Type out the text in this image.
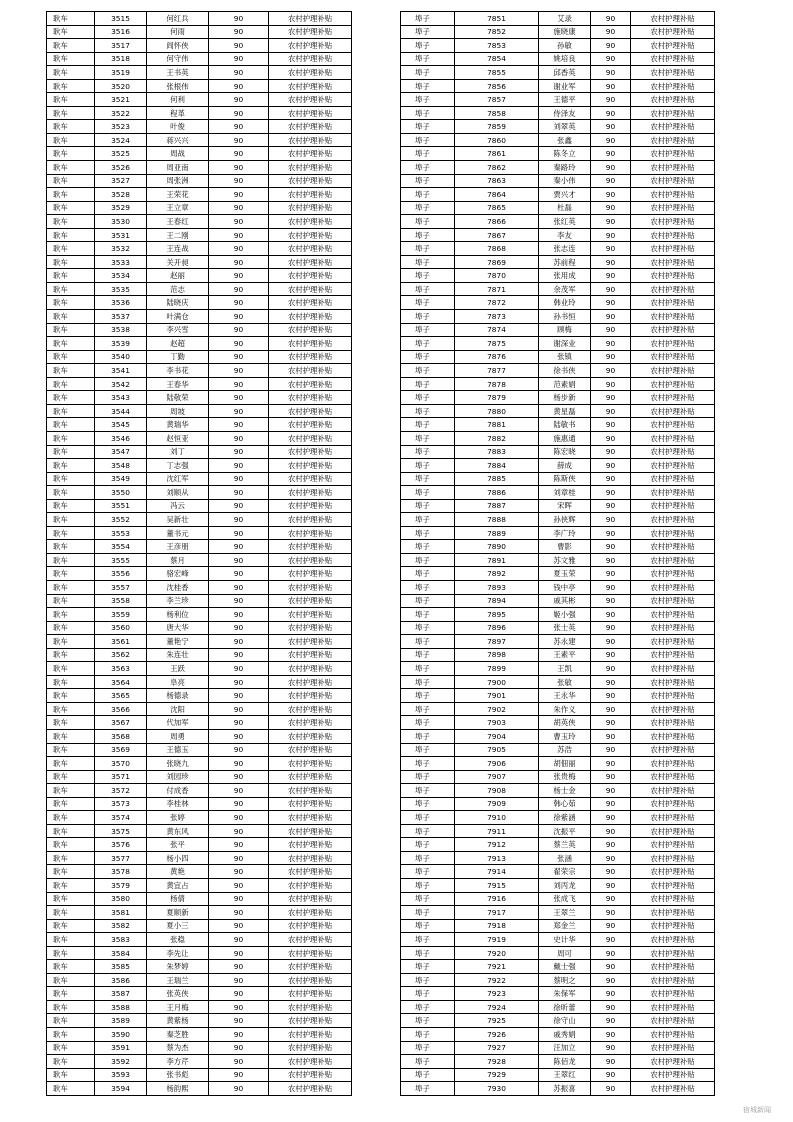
耿车	3515	何红兵	90	农村护理补贴
耿车	3516	何雨	90	农村护理补贴
耿车	3517	闾怀侠	90	农村护理补贴
耿车	3518	何守伟	90	农村护理补贴
耿车	3519	王书英	90	农村护理补贴
耿车	3520	张根伟	90	农村护理补贴
耿车	3521	何利	90	农村护理补贴
耿车	3522	程革	90	农村护理补贴
耿车	3523	叶俊	90	农村护理补贴
耿车	3524	蒋兴兴	90	农村护理补贴
耿车	3525	周战	90	农村护理补贴
耿车	3526	周亚南	90	农村护理补贴
耿车	3527	周张洲	90	农村护理补贴
耿车	3528	王荣花	90	农村护理补贴
耿车	3529	王立章	90	农村护理补贴
耿车	3530	王春红	90	农村护理补贴
耿车	3531	王二刚	90	农村护理补贴
耿车	3532	王连战	90	农村护理补贴
耿车	3533	关开昶	90	农村护理补贴
耿车	3534	赵丽	90	农村护理补贴
耿车	3535	范志	90	农村护理补贴
耿车	3536	陆晓庆	90	农村护理补贴
耿车	3537	叶满仓	90	农村护理补贴
耿车	3538	李兴雪	90	农村护理补贴
耿车	3539	赵超	90	农村护理补贴
耿车	3540	丁勤	90	农村护理补贴
耿车	3541	李书花	90	农村护理补贴
耿车	3542	王春华	90	农村护理补贴
耿车	3543	陆敬荣	90	农村护理补贴
耿车	3544	周坡	90	农村护理补贴
耿车	3545	黄瑞华	90	农村护理补贴
耿车	3546	赵恒亚	90	农村护理补贴
耿车	3547	刘丁	90	农村护理补贴
耿车	3548	丁志强	90	农村护理补贴
耿车	3549	沈红军	90	农村护理补贴
耿车	3550	刘顺从	90	农村护理补贴
耿车	3551	冯云	90	农村护理补贴
耿车	3552	吴新壮	90	农村护理补贴
耿车	3553	董书元	90	农村护理补贴
耿车	3554	王彦朋	90	农村护理补贴
耿车	3555	蔡月	90	农村护理补贴
耿车	3556	骆宏峰	90	农村护理补贴
耿车	3557	沈桂香	90	农村护理补贴
耿车	3558	李兰珍	90	农村护理补贴
耿车	3559	杨利位	90	农村护理补贴
耿车	3560	唐大华	90	农村护理补贴
耿车	3561	董艳宁	90	农村护理补贴
耿车	3562	朱连壮	90	农村护理补贴
耿车	3563	王跃	90	农村护理补贴
耿车	3564	阜亮	90	农村护理补贴
耿车	3565	杨德录	90	农村护理补贴
耿车	3566	沈阳	90	农村护理补贴
耿车	3567	代加军	90	农村护理补贴
耿车	3568	周勇	90	农村护理补贴
耿车	3569	王德玉	90	农村护理补贴
耿车	3570	张晓九	90	农村护理补贴
耿车	3571	刘园珍	90	农村护理补贴
耿车	3572	付成香	90	农村护理补贴
耿车	3573	李桂林	90	农村护理补贴
耿车	3574	张婷	90	农村护理补贴
耿车	3575	黄东风	90	农村护理补贴
耿车	3576	张平	90	农村护理补贴
耿车	3577	杨小四	90	农村护理补贴
耿车	3578	黄艳	90	农村护理补贴
耿车	3579	黄宜占	90	农村护理补贴
耿车	3580	杨倩	90	农村护理补贴
耿车	3581	夏顺新	90	农村护理补贴
耿车	3582	夏小三	90	农村护理补贴
耿车	3583	张稳	90	农村护理补贴
耿车	3584	李先让	90	农村护理补贴
耿车	3585	朱梦婷	90	农村护理补贴
耿车	3586	王瑞兰	90	农村护理补贴
耿车	3587	张英侠	90	农村护理补贴
耿车	3588	王月梅	90	农村护理补贴
耿车	3589	黄紫杨	90	农村护理补贴
耿车	3590	秦芝胜	90	农村护理补贴
耿车	3591	蔡为杰	90	农村护理补贴
耿车	3592	李方芹	90	农村护理补贴
耿车	3593	张书彪	90	农村护理补贴
耿车	3594	杨韵熙	90	农村护理补贴
埠子	7851	艾录	90	农村护理补贴
埠子	7852	施晓康	90	农村护理补贴
埠子	7853	孙敏	90	农村护理补贴
埠子	7854	姚培良	90	农村护理补贴
埠子	7855	邱香英	90	农村护理补贴
埠子	7856	谢业军	90	农村护理补贴
埠子	7857	王德平	90	农村护理补贴
埠子	7858	侍泽友	90	农村护理补贴
埠子	7859	刘翠英	90	农村护理补贴
埠子	7860	张鑫	90	农村护理补贴
埠子	7861	陈冬立	90	农村护理补贴
埠子	7862	秦路玲	90	农村护理补贴
埠子	7863	秦小伟	90	农村护理补贴
埠子	7864	贾兴才	90	农村护理补贴
埠子	7865	杜磊	90	农村护理补贴
埠子	7866	张红英	90	农村护理补贴
埠子	7867	李友	90	农村护理补贴
埠子	7868	张志连	90	农村护理补贴
埠子	7869	苏前程	90	农村护理补贴
埠子	7870	张用成	90	农村护理补贴
埠子	7871	余茂军	90	农村护理补贴
埠子	7872	韩业玲	90	农村护理补贴
埠子	7873	孙书恒	90	农村护理补贴
埠子	7874	顾梅	90	农村护理补贴
埠子	7875	谢深业	90	农村护理补贴
埠子	7876	张镇	90	农村护理补贴
埠子	7877	徐书侠	90	农村护理补贴
埠子	7878	范素娟	90	农村护理补贴
埠子	7879	杨步新	90	农村护理补贴
埠子	7880	黄星磊	90	农村护理补贴
埠子	7881	陆敏书	90	农村护理补贴
埠子	7882	施惠通	90	农村护理补贴
埠子	7883	陈宏晓	90	农村护理补贴
埠子	7884	薛成	90	农村护理补贴
埠子	7885	陈斯侠	90	农村护理补贴
埠子	7886	刘章桂	90	农村护理补贴
埠子	7887	宋晖	90	农村护理补贴
埠子	7888	孙侠辉	90	农村护理补贴
埠子	7889	李广玲	90	农村护理补贴
埠子	7890	曹影	90	农村护理补贴
埠子	7891	苏文雅	90	农村护理补贴
埠子	7892	夏玉荣	90	农村护理补贴
埠子	7893	钱中亭	90	农村护理补贴
埠子	7894	戚其彬	90	农村护理补贴
埠子	7895	姬小强	90	农村护理补贴
埠子	7896	张士英	90	农村护理补贴
埠子	7897	苏永建	90	农村护理补贴
埠子	7898	王素平	90	农村护理补贴
埠子	7899	王凯	90	农村护理补贴
埠子	7900	张敏	90	农村护理补贴
埠子	7901	王永华	90	农村护理补贴
埠子	7902	朱作义	90	农村护理补贴
埠子	7903	胡英侠	90	农村护理补贴
埠子	7904	曹玉玲	90	农村护理补贴
埠子	7905	苏浩	90	农村护理补贴
埠子	7906	胡佃丽	90	农村护理补贴
埠子	7907	张贵梅	90	农村护理补贴
埠子	7908	杨士金	90	农村护理补贴
埠子	7909	韩心茹	90	农村护理补贴
埠子	7910	徐紫涵	90	农村护理补贴
埠子	7911	沈振平	90	农村护理补贴
埠子	7912	蔡兰英	90	农村护理补贴
埠子	7913	张涵	90	农村护理补贴
埠子	7914	翟荣宗	90	农村护理补贴
埠子	7915	刘丙龙	90	农村护理补贴
埠子	7916	张成飞	90	农村护理补贴
埠子	7917	王翠兰	90	农村护理补贴
埠子	7918	郑金兰	90	农村护理补贴
埠子	7919	史计华	90	农村护理补贴
埠子	7920	周可	90	农村护理补贴
埠子	7921	戴士强	90	农村护理补贴
埠子	7922	蔡明之	90	农村护理补贴
埠子	7923	朱保军	90	农村护理补贴
埠子	7924	徐昕蕾	90	农村护理补贴
埠子	7925	徐守山	90	农村护理补贴
埠子	7926	戚秀娟	90	农村护理补贴
埠子	7927	汪加立	90	农村护理补贴
埠子	7928	陈佰龙	90	农村护理补贴
埠子	7929	王翠红	90	农村护理补贴
埠子	7930	苏振喜	90	农村护理补贴
宿城新闻
